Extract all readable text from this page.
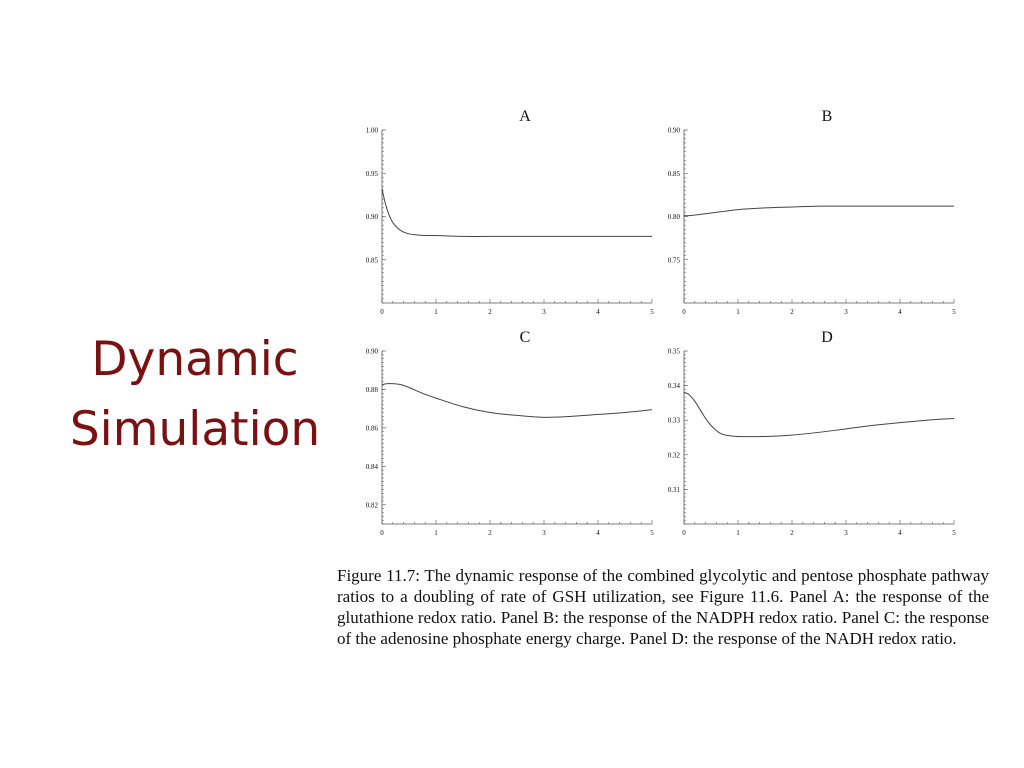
Dynamic
Simulation
A
0	1	2	3	4	5
1.00
0.95
0.90
0.85
B
0	1	2	3	4	5
0.90
0.85
0.80
0.75
C
0	1	2	3	4	5
0.90
0.88
0.86
0.84
0.82
D
0	1	2	3	4	5
0.35
0.34
0.33
0.32
0.31
Figure 11.7: The dynamic response of the combined glycolytic and pentose phosphate pathway ratios to a doubling of rate of GSH utilization, see Figure 11.6. Panel A: the response of the glutathione redox ratio. Panel B: the response of the NADPH redox ratio. Panel C: the response of the adenosine phosphate energy charge. Panel D: the response of the NADH redox ratio.
